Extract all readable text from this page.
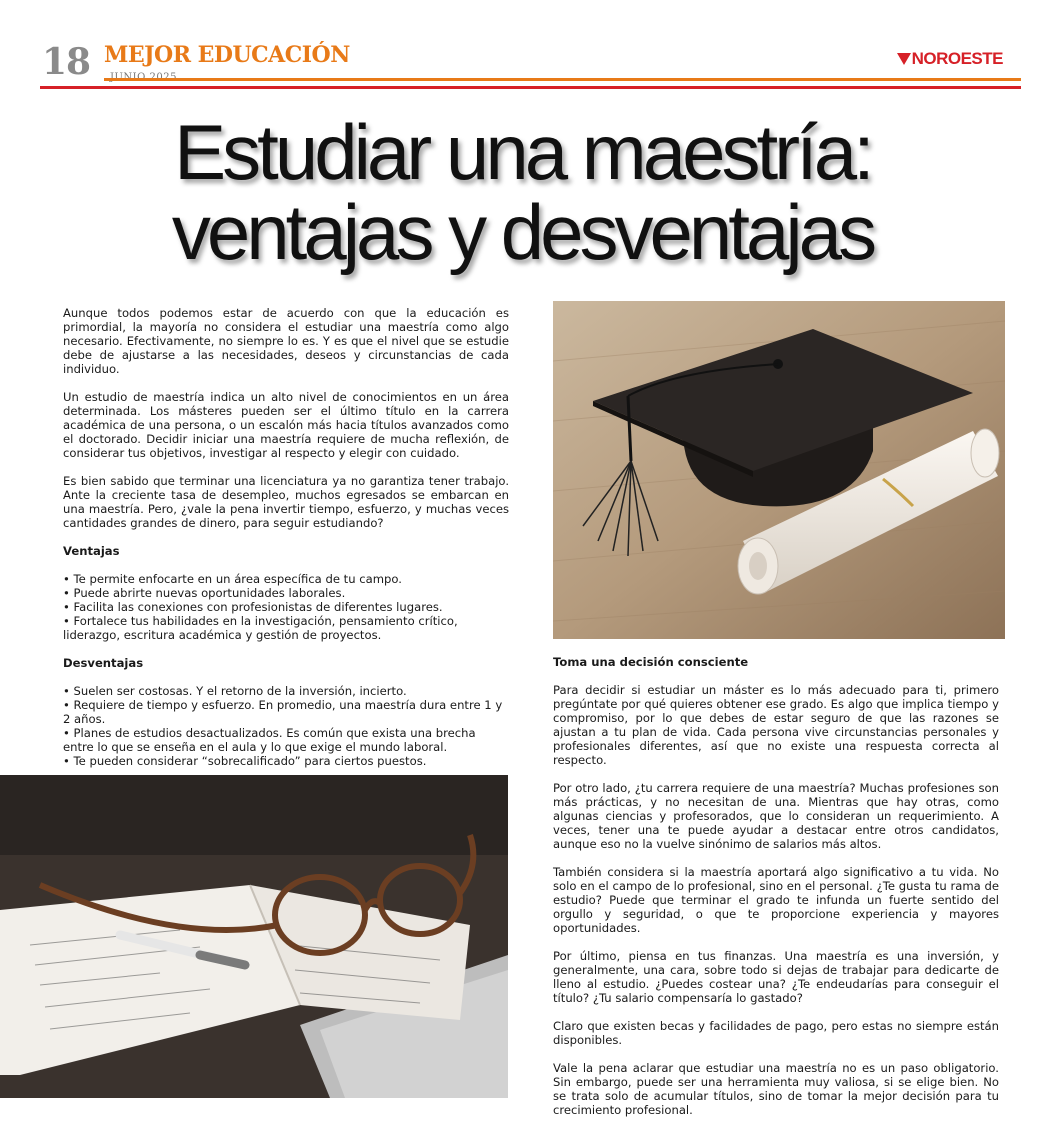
18 MEJOR EDUCACIÓN	NOROESTE
Estudiar una maestría:
ventajas y desventajas

Aunque todos podemos estar de acuerdo con que la educación es primordial, la mayoría no considera el estudiar una maestría como algo necesario. Efectivamente, no siempre lo es. Y es que el nivel que se estudie debe de ajustarse a las necesidades, deseos y circunstancias de cada individuo.

Un estudio de maestría indica un alto nivel de conocimientos en un área determinada. Los másteres pueden ser el último título en la carrera académica de una persona, o un escalón más hacia títulos avanzados como el doctorado. Decidir iniciar una maestría requiere de mucha reflexión, de considerar tus objetivos, investigar al respecto y elegir con cuidado.

Es bien sabido que terminar una licenciatura ya no garantiza tener trabajo. Ante la creciente tasa de desempleo, muchos egresados se embarcan en una maestría. Pero, ¿vale la pena invertir tiempo, esfuerzo, y muchas veces cantidades grandes de dinero, para seguir estudiando?

Ventajas
• Te permite enfocarte en un área específica de tu campo.
• Puede abrirte nuevas oportunidades laborales.
• Facilita las conexiones con profesionistas de diferentes lugares.
• Fortalece tus habilidades en la investigación, pensamiento crítico, liderazgo, escritura académica y gestión de proyectos.
Desventajas
• Suelen ser costosas. Y el retorno de la inversión, incierto.
• Requiere de tiempo y esfuerzo. En promedio, una maestría dura entre 1 y 2 años.
• Planes de estudios desactualizados. Es común que exista una brecha entre lo que se enseña en el aula y lo que exige el mundo laboral.
• Te pueden considerar “sobrecalificado” para ciertos puestos.
Toma una decisión consciente

Para decidir si estudiar un máster es lo más adecuado para ti, primero pregúntate por qué quieres obtener ese grado. Es algo que implica tiempo y compromiso, por lo que debes de estar seguro de que las razones se ajustan a tu plan de vida. Cada persona vive circunstancias personales y profesionales diferentes, así que no existe una respuesta correcta al respecto.

Por otro lado, ¿tu carrera requiere de una maestría? Muchas profesiones son más prácticas, y no necesitan de una. Mientras que hay otras, como algunas ciencias y profesorados, que lo consideran un requerimiento. A veces, tener una te puede ayudar a destacar entre otros candidatos, aunque eso no la vuelve sinónimo de salarios más altos.

También considera si la maestría aportará algo significativo a tu vida. No solo en el campo de lo profesional, sino en el personal. ¿Te gusta tu rama de estudio? Puede que terminar el grado te infunda un fuerte sentido del orgullo y seguridad, o que te proporcione experiencia y mayores oportunidades.

Por último, piensa en tus finanzas. Una maestría es una inversión, y generalmente, una cara, sobre todo si dejas de trabajar para dedicarte de lleno al estudio. ¿Puedes costear una? ¿Te endeudarías para conseguir el título? ¿Tu salario compensaría lo gastado?

Claro que existen becas y facilidades de pago, pero estas no siempre están disponibles.

Vale la pena aclarar que estudiar una maestría no es un paso obligatorio. Sin embargo, puede ser una herramienta muy valiosa, si se elige bien. No se trata solo de acumular títulos, sino de tomar la mejor decisión para tu crecimiento profesional.
